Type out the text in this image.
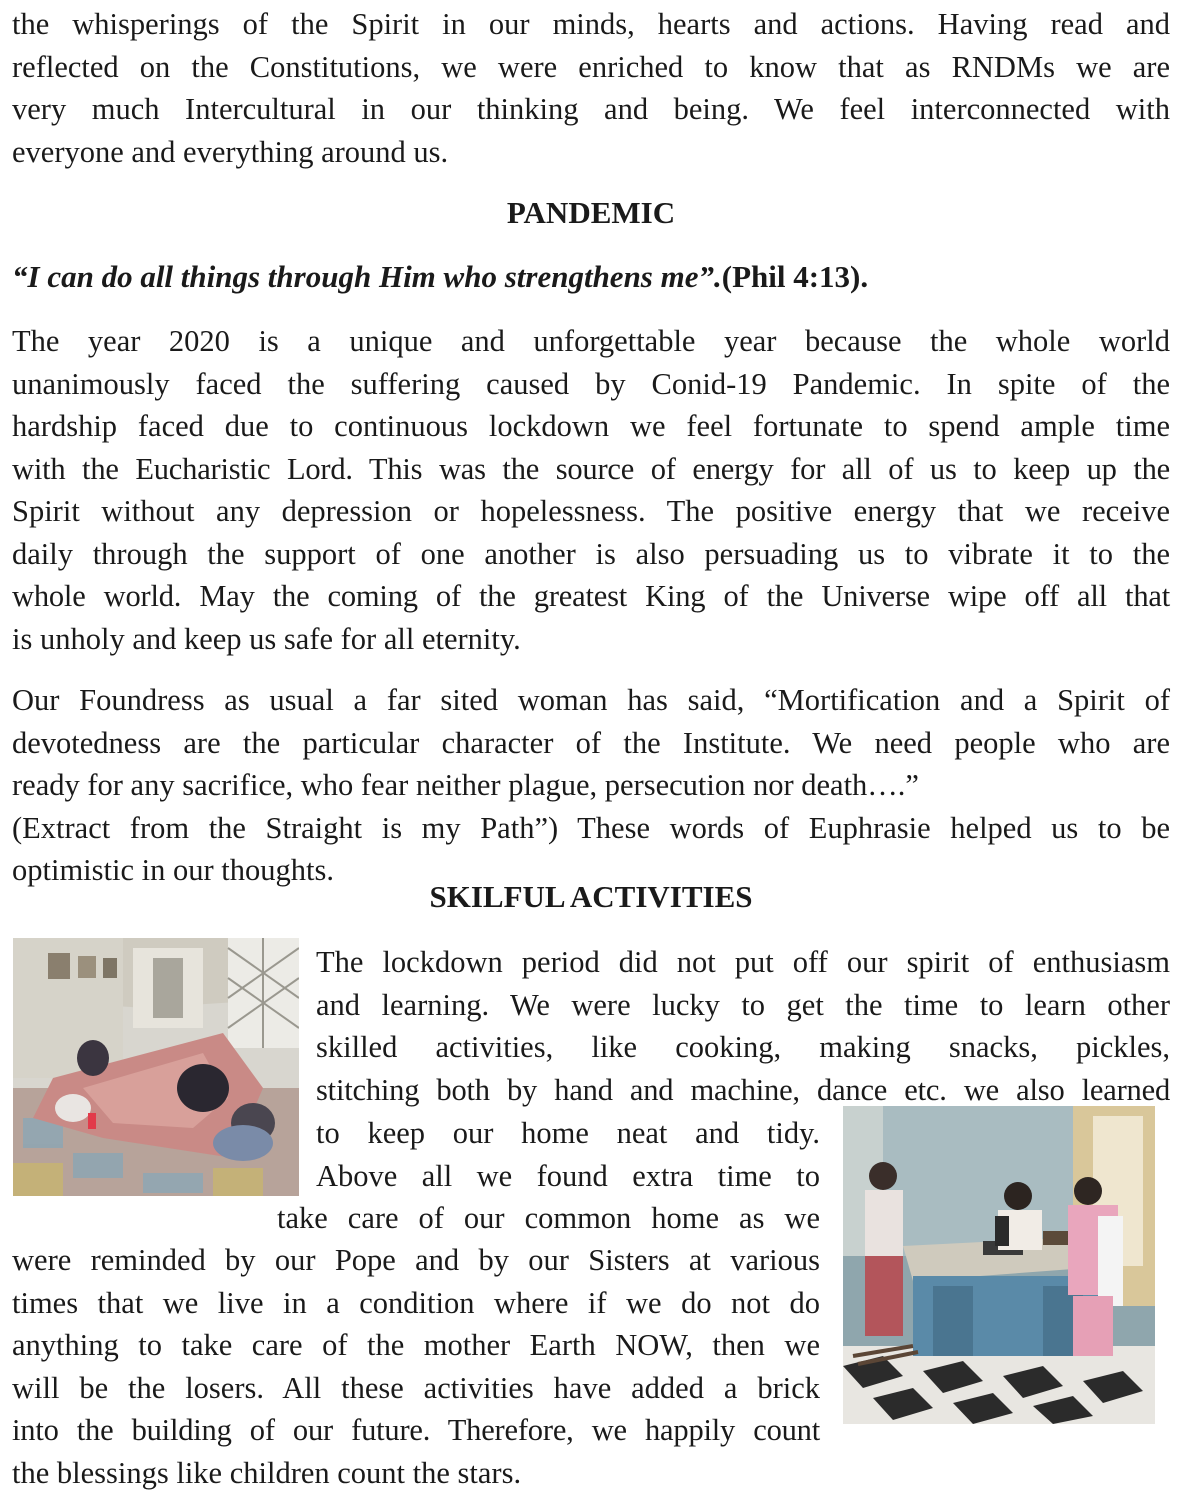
the whisperings of the Spirit in our minds, hearts and actions. Having read and
reflected on the Constitutions, we were enriched to know that as RNDMs we are
very much Intercultural in our thinking and being. We feel interconnected with
everyone and everything around us.

PANDEMIC
“I can do all things through Him who strengthens me”.(Phil 4:13).

The year 2020 is a unique and unforgettable year because the whole world
unanimously faced the suffering caused by Conid-19 Pandemic. In spite of the
hardship faced due to continuous lockdown we feel fortunate to spend ample time
with the Eucharistic Lord. This was the source of energy for all of us to keep up the
Spirit without any depression or hopelessness. The positive energy that we receive
daily through the support of one another is also persuading us to vibrate it to the
whole world. May the coming of the greatest King of the Universe wipe off all that
is unholy and keep us safe for all eternity.

Our Foundress as usual a far sited woman has said, “Mortification and a Spirit of
devotedness are the particular character of the Institute. We need people who are
ready for any sacrifice, who fear neither plague, persecution nor death….”
(Extract from the Straight is my Path”) These words of Euphrasie helped us to be
optimistic in our thoughts.

SKILFUL ACTIVITIES

The lockdown period did not put off our spirit of enthusiasm
and learning. We were lucky to get the time to learn other
skilled activities, like cooking, making snacks, pickles,
stitching both by hand and machine, dance etc. we also learned

to keep our home neat and tidy.
Above all we found extra time to

take care of our common home as we

were reminded by our Pope and by our Sisters at various
times that we live in a condition where if we do not do
anything to take care of the mother Earth NOW, then we
will be the losers. All these activities have added a brick
into the building of our future. Therefore, we happily count
the blessings like children count the stars.
